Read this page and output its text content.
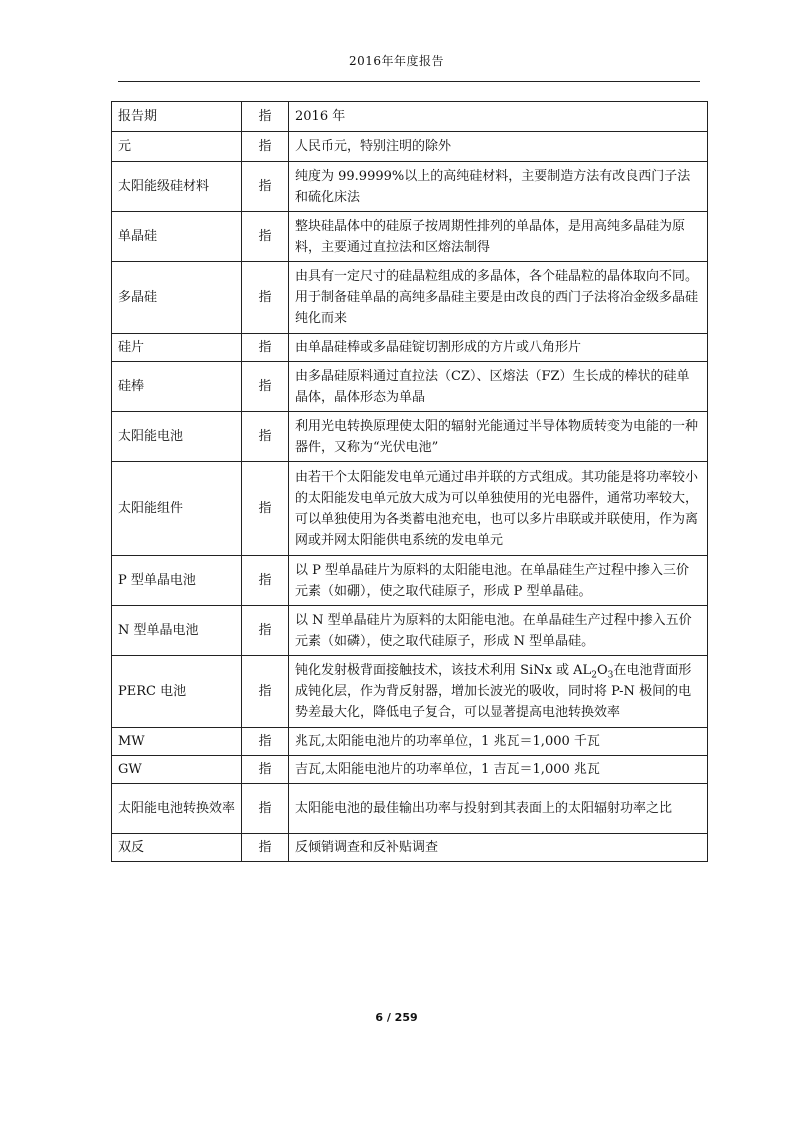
2016年年度报告
报告期	指	2016 年
元	指	人民币元，特别注明的除外
太阳能级硅材料	指	纯度为 99.9999%以上的高纯硅材料，主要制造方法有改良西门子法和硫化床法
单晶硅	指	整块硅晶体中的硅原子按周期性排列的单晶体，是用高纯多晶硅为原料，主要通过直拉法和区熔法制得
多晶硅	指	由具有一定尺寸的硅晶粒组成的多晶体，各个硅晶粒的晶体取向不同。用于制备硅单晶的高纯多晶硅主要是由改良的西门子法将冶金级多晶硅纯化而来
硅片	指	由单晶硅棒或多晶硅锭切割形成的方片或八角形片
硅棒	指	由多晶硅原料通过直拉法（CZ）、区熔法（FZ）生长成的棒状的硅单晶体，晶体形态为单晶
太阳能电池	指	利用光电转换原理使太阳的辐射光能通过半导体物质转变为电能的一种器件，又称为“光伏电池”
太阳能组件	指	由若干个太阳能发电单元通过串并联的方式组成。其功能是将功率较小的太阳能发电单元放大成为可以单独使用的光电器件，通常功率较大，可以单独使用为各类蓄电池充电，也可以多片串联或并联使用，作为离网或并网太阳能供电系统的发电单元
P 型单晶电池	指	以 P 型单晶硅片为原料的太阳能电池。在单晶硅生产过程中掺入三价元素（如硼），使之取代硅原子，形成 P 型单晶硅。
N 型单晶电池	指	以 N 型单晶硅片为原料的太阳能电池。在单晶硅生产过程中掺入五价元素（如磷），使之取代硅原子，形成 N 型单晶硅。
PERC 电池	指	钝化发射极背面接触技术，该技术利用 SiNx 或 $AL_2O_3$在电池背面形成钝化层，作为背反射器，增加长波光的吸收，同时将 P-N 极间的电势差最大化，降低电子复合，可以显著提高电池转换效率
MW	指	兆瓦,太阳能电池片的功率单位，1 兆瓦＝1,000 千瓦
GW	指	吉瓦,太阳能电池片的功率单位，1 吉瓦＝1,000 兆瓦
太阳能电池转换效率	指	太阳能电池的最佳输出功率与投射到其表面上的太阳辐射功率之比
双反	指	反倾销调查和反补贴调查
6 / 259
